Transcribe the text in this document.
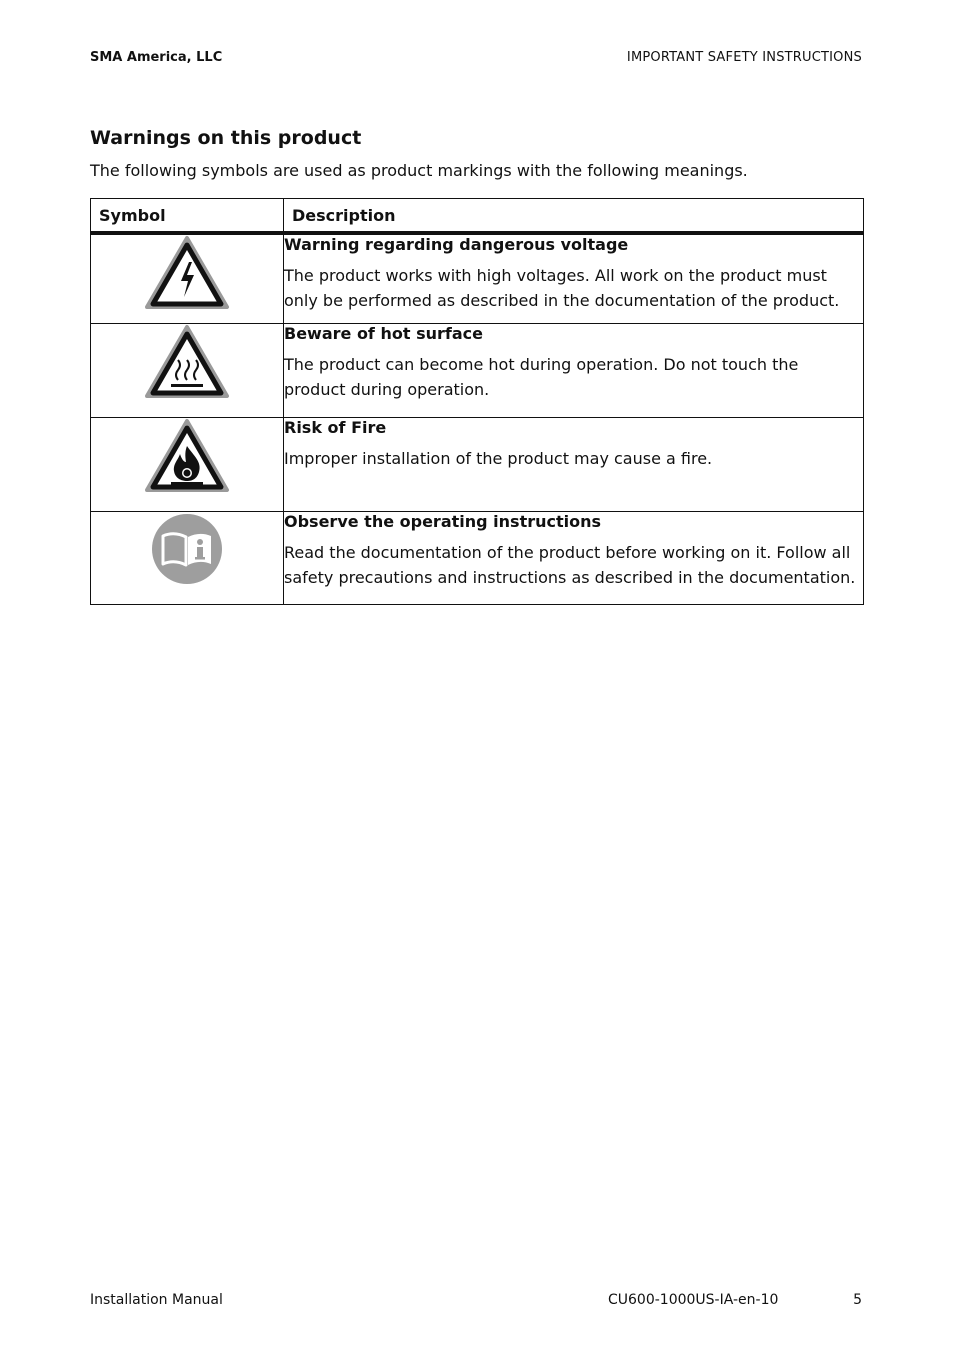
SMA America, LLC	IMPORTANT SAFETY INSTRUCTIONS
Warnings on this product

The following symbols are used as product markings with the following meanings.

Symbol	Description

Warning regarding dangerous voltage

The product works with high voltages. All work on the product must only be performed as described in the documentation of the product.

Beware of hot surface

The product can become hot during operation. Do not touch the product during operation.

Risk of Fire

Improper installation of the product may cause a fire.

Observe the operating instructions

Read the documentation of the product before working on it. Follow all safety precautions and instructions as described in the documentation.

Installation Manual	CU600-1000US-IA-en-10	5
